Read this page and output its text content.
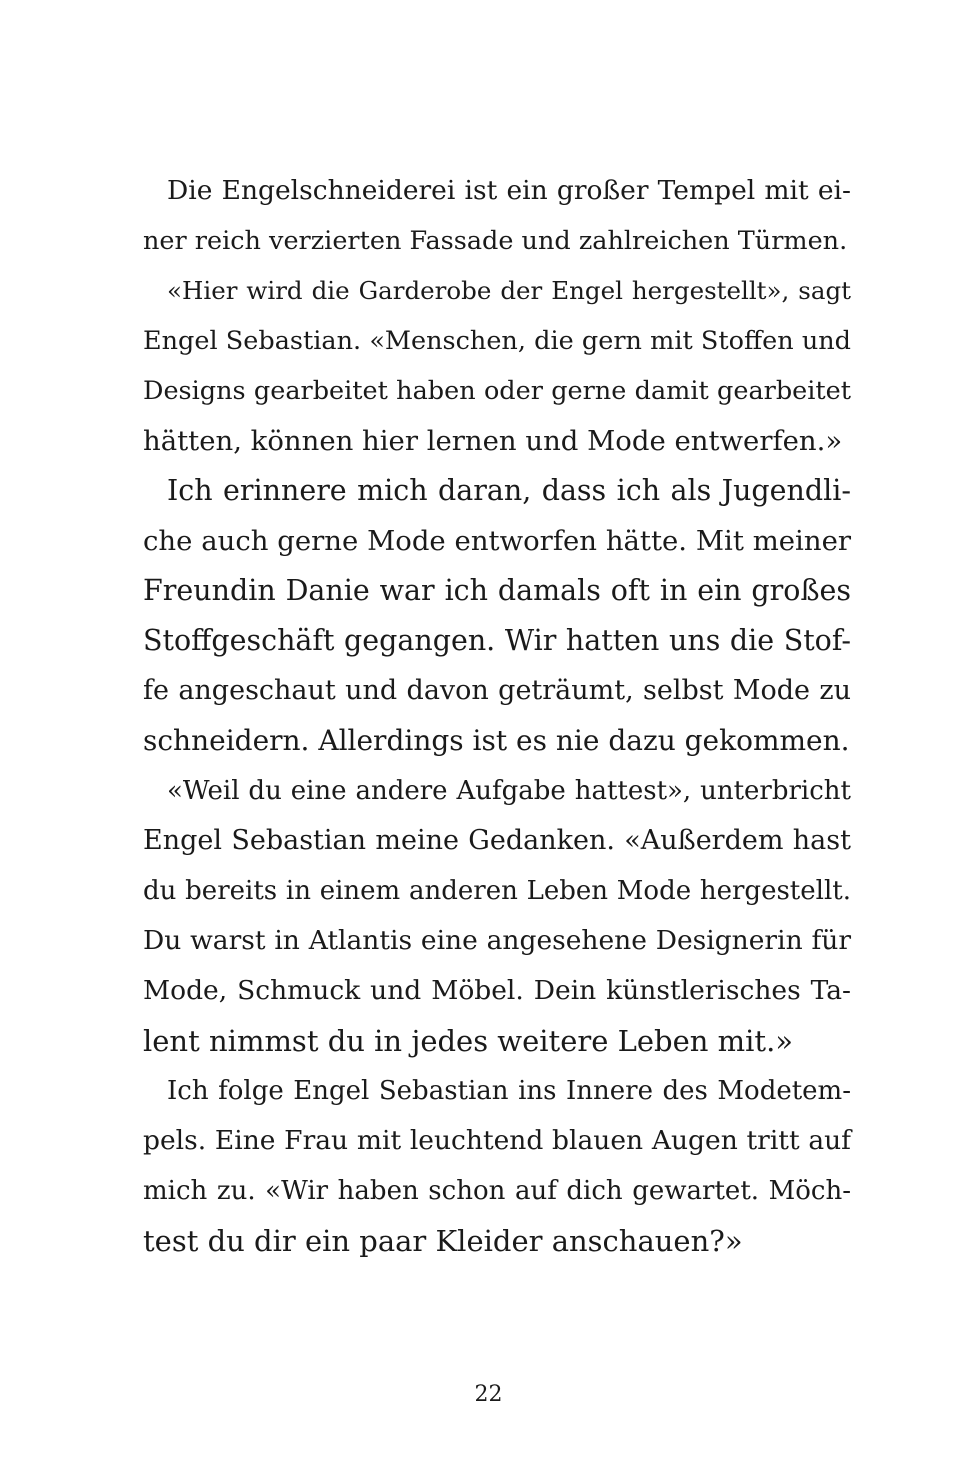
Die Engelschneiderei ist ein großer Tempel mit ei-
ner reich verzierten Fassade und zahlreichen Türmen.
«Hier wird die Garderobe der Engel hergestellt», sagt
Engel Sebastian. «Menschen, die gern mit Stoffen und
Designs gearbeitet haben oder gerne damit gearbeitet
hätten, können hier lernen und Mode entwerfen.»
Ich erinnere mich daran, dass ich als Jugendli-
che auch gerne Mode entworfen hätte. Mit meiner
Freundin Danie war ich damals oft in ein großes
Stoffgeschäft gegangen. Wir hatten uns die Stof-
fe angeschaut und davon geträumt, selbst Mode zu
schneidern. Allerdings ist es nie dazu gekommen.
«Weil du eine andere Aufgabe hattest», unterbricht
Engel Sebastian meine Gedanken. «Außerdem hast
du bereits in einem anderen Leben Mode hergestellt.
Du warst in Atlantis eine angesehene Designerin für
Mode, Schmuck und Möbel. Dein künstlerisches Ta-
lent nimmst du in jedes weitere Leben mit.»
Ich folge Engel Sebastian ins Innere des Modetem-
pels. Eine Frau mit leuchtend blauen Augen tritt auf
mich zu. «Wir haben schon auf dich gewartet. Möch-
test du dir ein paar Kleider anschauen?»
22
